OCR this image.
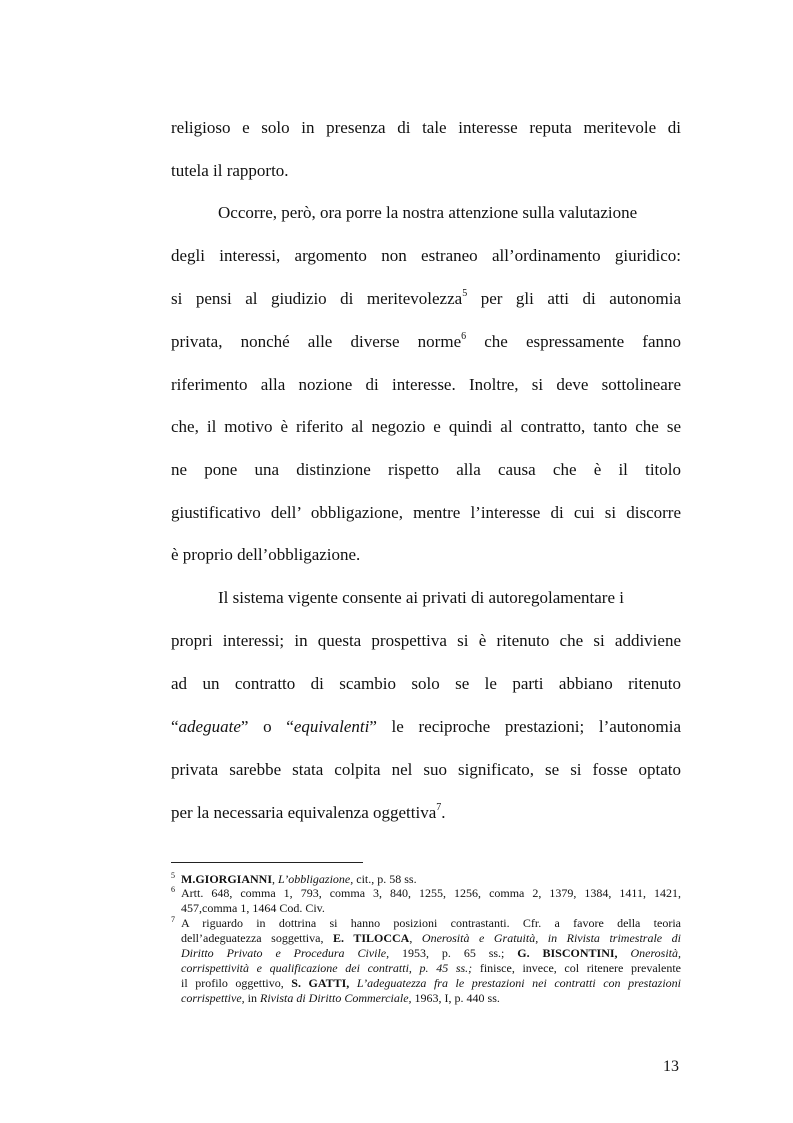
religioso e solo in presenza di tale interesse reputa meritevole di
tutela il rapporto.
Occorre, però, ora porre la nostra attenzione sulla valutazione
degli interessi, argomento non estraneo all’ordinamento giuridico:
si pensi al giudizio di meritevolezza$^5$ per gli atti di autonomia
privata, nonché alle diverse norme$^6$ che espressamente fanno
riferimento alla nozione di interesse. Inoltre, si deve sottolineare
che, il motivo è riferito al negozio e quindi al contratto, tanto che se
ne pone una distinzione rispetto alla causa che è il titolo
giustificativo dell’ obbligazione, mentre l’interesse di cui si discorre
è proprio dell’obbligazione.
Il sistema vigente consente ai privati di autoregolamentare i
propri interessi; in questa prospettiva si è ritenuto che si addiviene
ad un contratto di scambio solo se le parti abbiano ritenuto
“adeguate” o “equivalenti” le reciproche prestazioni; l’autonomia
privata sarebbe stata colpita nel suo significato, se si fosse optato
per la necessaria equivalenza oggettiva$^7$.
5 M.GIORGIANNI, L’obbligazione, cit., p. 58 ss.
6 Artt. 648, comma 1, 793, comma 3, 840, 1255, 1256, comma 2, 1379, 1384, 1411, 1421,
457,comma 1, 1464 Cod. Civ.
7 A riguardo in dottrina si hanno posizioni contrastanti. Cfr. a favore della teoria
dell’adeguatezza soggettiva, E. TILOCCA, Onerosità e Gratuità, in Rivista trimestrale di
Diritto Privato e Procedura Civile, 1953, p. 65 ss.; G. BISCONTINI, Onerosità,
corrispettività e qualificazione dei contratti, p. 45 ss.; finisce, invece, col ritenere prevalente
il profilo oggettivo, S. GATTI, L’adeguatezza fra le prestazioni nei contratti con prestazioni
corrispettive, in Rivista di Diritto Commerciale, 1963, I, p. 440 ss.
13
